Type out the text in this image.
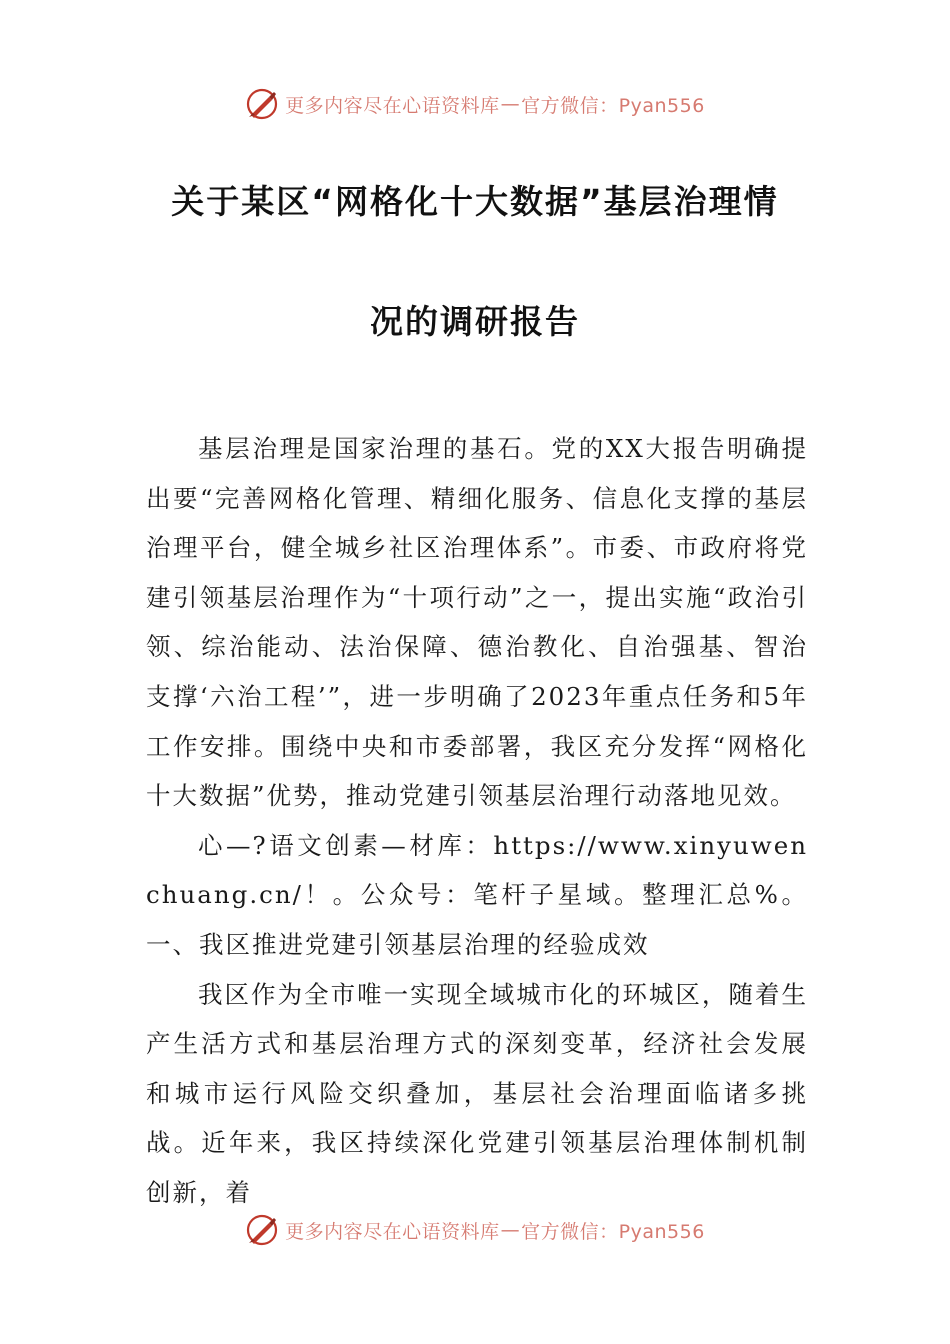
更多内容尽在心语资料库 — 官方微信：Pyan556
关于某区“网格化十大数据”基层治理情
况的调研报告

基层治理是国家治理的基石。党的XX大报告明确提出要“完善网格化管理、精细化服务、信息化支撑的基层治理平台，健全城乡社区治理体系”。市委、市政府将党建引领基层治理作为“十项行动”之一，提出实施“政治引领、综治能动、法治保障、德治教化、自治强基、智治支撑‘六治工程’”，进一步明确了2023年重点任务和5年工作安排。围绕中央和市委部署，我区充分发挥“网格化十大数据”优势，推动党建引领基层治理行动落地见效。

心—?语文创素—材库：https://www.xinyuwenchuang.cn/！。公众号：笔杆子星域。整理汇总%。一、我区推进党建引领基层治理的经验成效

我区作为全市唯一实现全域城市化的环城区，随着生产生活方式和基层治理方式的深刻变革，经济社会发展和城市运行风险交织叠加，基层社会治理面临诸多挑战。近年来，我区持续深化党建引领基层治理体制机制创新，着

更多内容尽在心语资料库 — 官方微信：Pyan556
